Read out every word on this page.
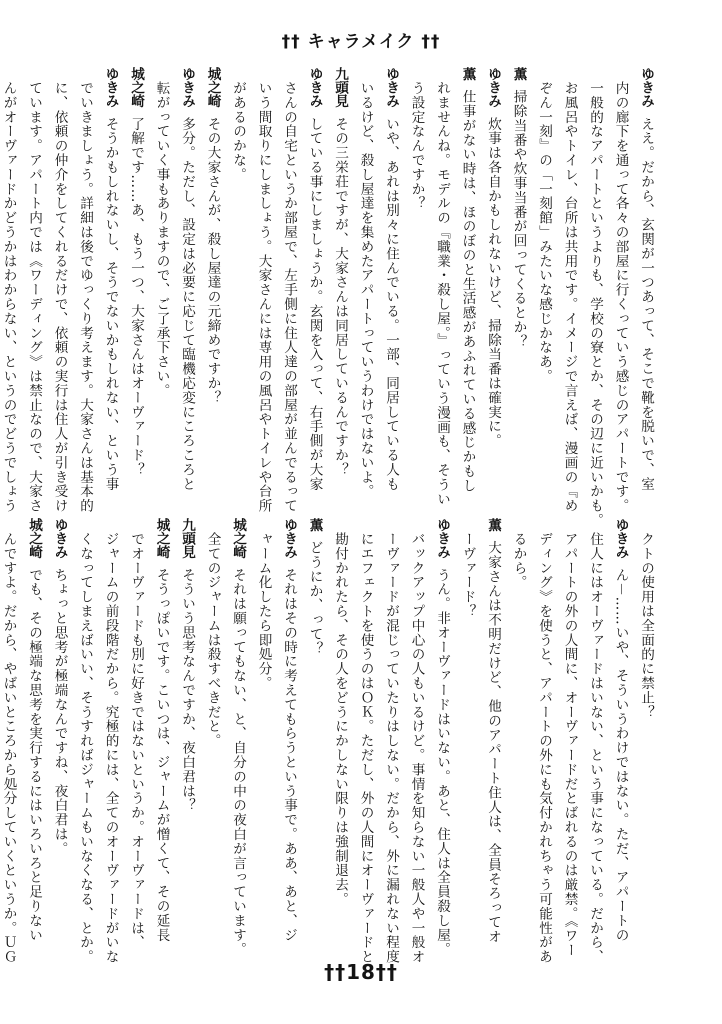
†† キャラメイク ††
ゆきみええ。だから、玄関が一つあって、そこで靴を脱いで、室
内の廊下を通って各々の部屋に行くっていう感じのアパートです。
一般的なアパートというよりも、学校の寮とか、その辺に近いかも。
お風呂やトイレ、台所は共用です。イメージで言えば、漫画の『め
ぞん一刻』の「一刻館」みたいな感じかなあ。
薫掃除当番や炊事当番が回ってくるとか？
ゆきみ炊事は各自かもしれないけど、掃除当番は確実に。
薫仕事がない時は、ほのぼのと生活感があふれている感じかもし
れませんね。モデルの『職業・殺し屋。』っていう漫画も、そうい
う設定なんですか？
ゆきみいや、あれは別々に住んでいる。一部、同居している人も
いるけど、殺し屋達を集めたアパートっていうわけではないよ。
九頭見その三栄荘ですが、大家さんは同居しているんですか？
ゆきみしている事にしましょうか。玄関を入って、右手側が大家
さんの自宅というか部屋で、左手側に住人達の部屋が並んでるって
いう間取りにしましょう。大家さんには専用の風呂やトイレや台所
があるのかな。
城之崎その大家さんが、殺し屋達の元締めですか？
ゆきみ多分。ただし、設定は必要に応じて臨機応変にころころと
転がっていく事もありますので、ご了承下さい。
城之崎了解です……あ、もう一つ、大家さんはオーヴァード？
ゆきみそうかもしれないし、そうでないかもしれない、という事
でいきましょう。詳細は後でゆっくり考えます。大家さんは基本的
に、依頼の仲介をしてくれるだけで、依頼の実行は住人が引き受け
ています。アパート内では《ワーディング》は禁止なので、大家さ
んがオーヴァードかどうかはわからない、というのでどうでしょう
クトの使用は全面的に禁止？
ゆきみん－……いや、そういうわけではない。ただ、アパートの
住人にはオーヴァードはいない、という事になっている。だから、
アパートの外の人間に、オーヴァードだとばれるのは厳禁。《ワー
ディング》を使うと、アパートの外にも気付かれちゃう可能性があ
るから。
薫大家さんは不明だけど、他のアパート住人は、全員そろってオ
ーヴァード？
ゆきみうん。非オーヴァードはいない。あと、住人は全員殺し屋。
バックアップ中心の人もいるけど。事情を知らない一般人や一般オ
ーヴァードが混じっていたりはしない。だから、外に漏れない程度
にエフェクトを使うのはＯＫ。ただし、外の人間にオーヴァードと
勘付かれたら、その人をどうにかしない限りは強制退去。
薫どうにか、って？
ゆきみそれはその時に考えてもらうという事で。ああ、あと、ジ
ャーム化したら即処分。
城之崎それは願ってもない、と、自分の中の夜白が言っています。
全てのジャームは殺すべきだと。
九頭見そういう思考なんですか、夜白君は？
城之崎そうっぽいです。こいつは、ジャームが憎くて、その延長
でオーヴァードも別に好きではないというか。オーヴァードは、
ジャームの前段階だから。究極的には、全てのオーヴァードがいな
くなってしまえばいい、そうすればジャームもいなくなる、とか。
ゆきみちょっと思考が極端なんですね、夜白君は。
城之崎でも、その極端な思考を実行するにはいろいろと足りない
んですよ。だから、やばいところから処分していくというか。ＵＧ
††18††
